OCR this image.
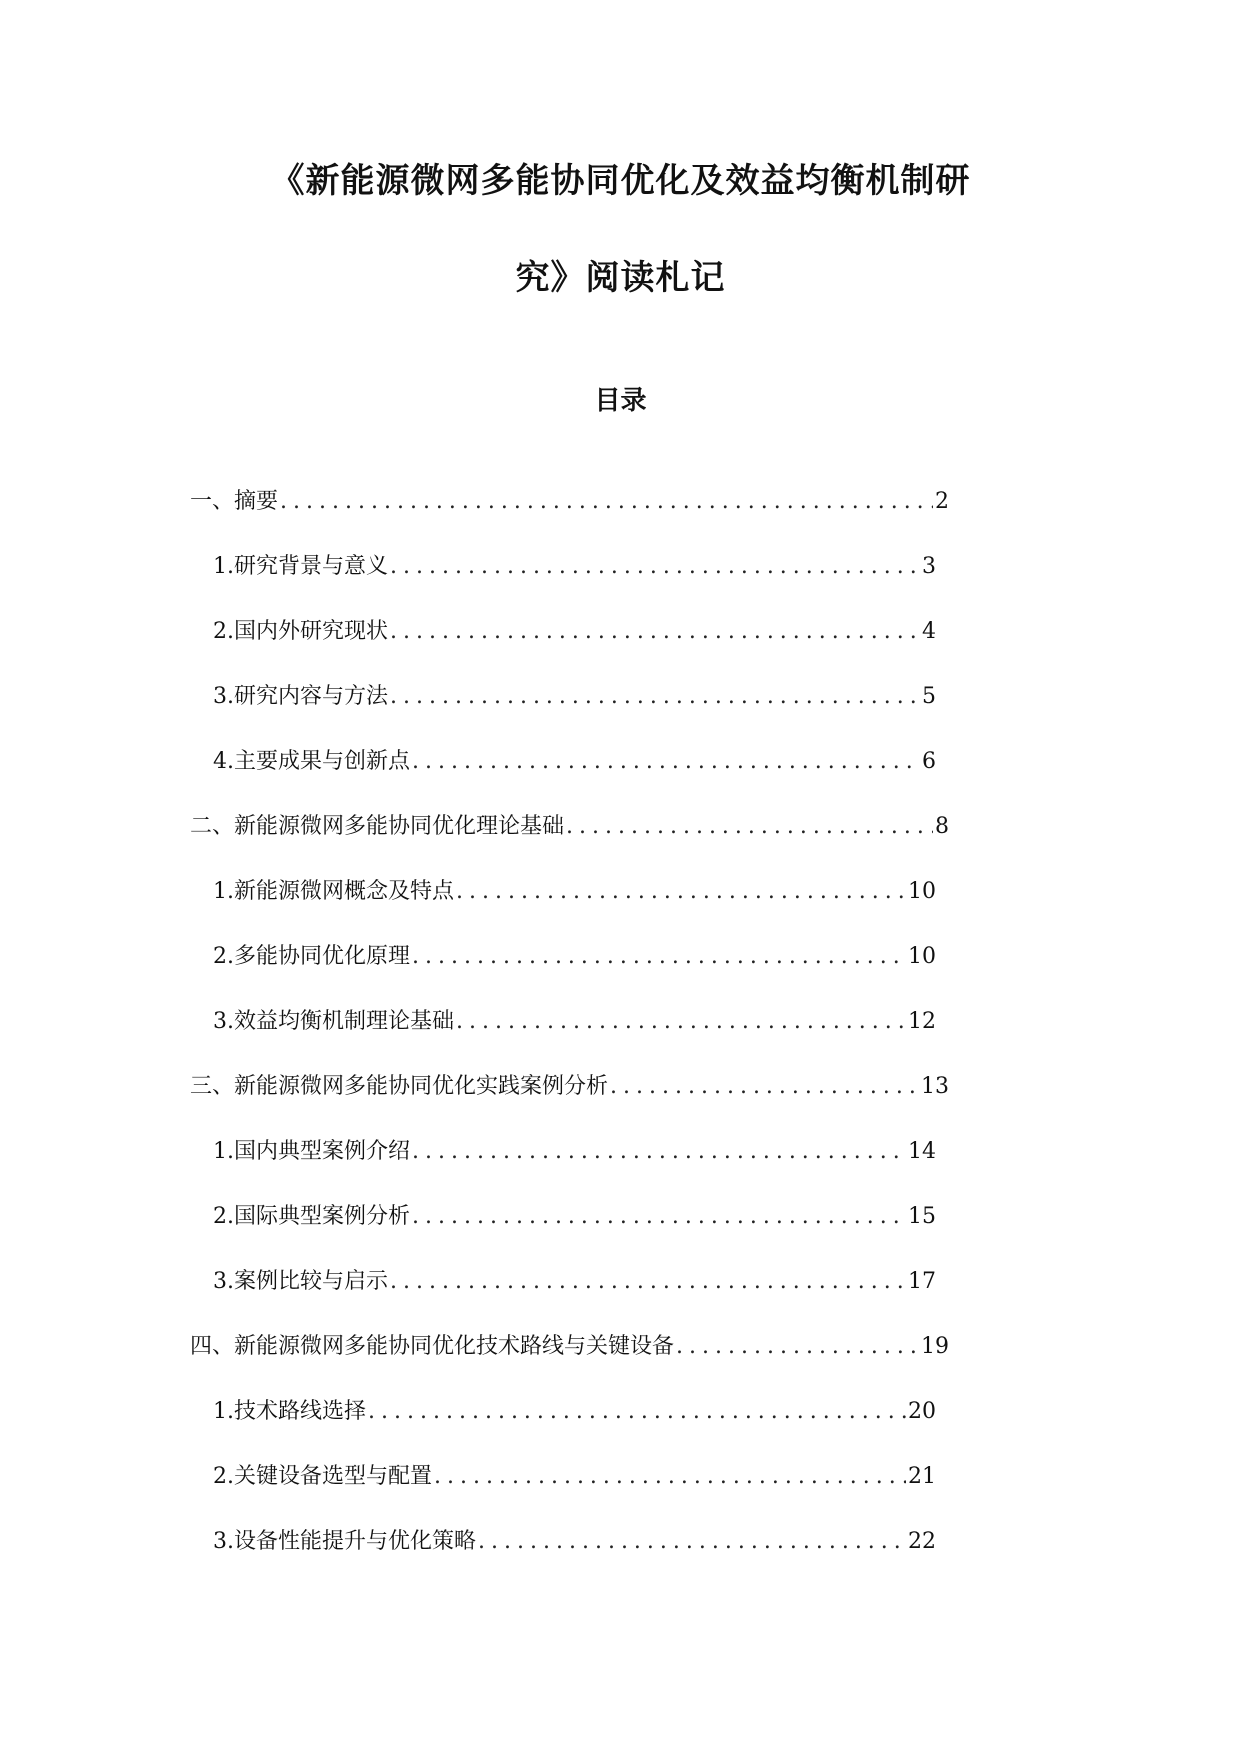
《新能源微网多能协同优化及效益均衡机制研
究》阅读札记
目录
一、摘要 .....	2
1. 研究背景与意义 .....	3
2. 国内外研究现状 .....	4
3. 研究内容与方法 .....	5
4. 主要成果与创新点 .....	6
二、新能源微网多能协同优化理论基础 .....	8
1. 新能源微网概念及特点 .....	10
2. 多能协同优化原理 .....	10
3. 效益均衡机制理论基础 .....	12
三、新能源微网多能协同优化实践案例分析 .....	13
1. 国内典型案例介绍 .....	14
2. 国际典型案例分析 .....	15
3. 案例比较与启示 .....	17
四、新能源微网多能协同优化技术路线与关键设备 .....	19
1. 技术路线选择 .....	20
2. 关键设备选型与配置 .....	21
3. 设备性能提升与优化策略 .....	22
